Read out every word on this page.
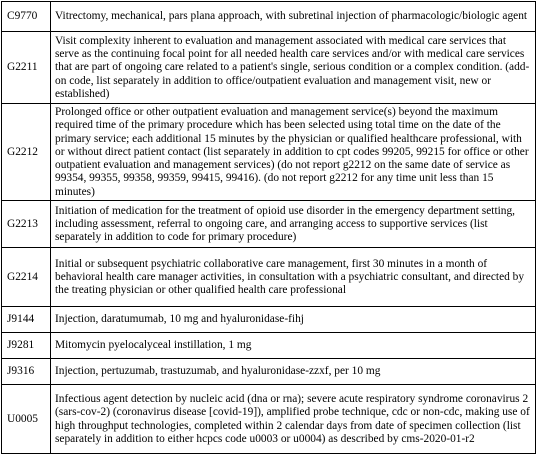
C9770	Vitrectomy, mechanical, pars plana approach, with subretinal injection of pharmacologic/biologic agent
G2211	Visit complexity inherent to evaluation and management associated with medical care services that serve as the continuing focal point for all needed health care services and/or with medical care services that are part of ongoing care related to a patient's single, serious condition or a complex condition. (add-on code, list separately in addition to office/outpatient evaluation and management visit, new or established)
G2212	Prolonged office or other outpatient evaluation and management service(s) beyond the maximum required time of the primary procedure which has been selected using total time on the date of the primary service; each additional 15 minutes by the physician or qualified healthcare professional, with or without direct patient contact (list separately in addition to cpt codes 99205, 99215 for office or other outpatient evaluation and management services) (do not report g2212 on the same date of service as 99354, 99355, 99358, 99359, 99415, 99416). (do not report g2212 for any time unit less than 15 minutes)
G2213	Initiation of medication for the treatment of opioid use disorder in the emergency department setting, including assessment, referral to ongoing care, and arranging access to supportive services (list separately in addition to code for primary procedure)
G2214	Initial or subsequent psychiatric collaborative care management, first 30 minutes in a month of behavioral health care manager activities, in consultation with a psychiatric consultant, and directed by the treating physician or other qualified health care professional
J9144	Injection, daratumumab, 10 mg and hyaluronidase-fihj
J9281	Mitomycin pyelocalyceal instillation, 1 mg
J9316	Injection, pertuzumab, trastuzumab, and hyaluronidase-zzxf, per 10 mg
U0005	Infectious agent detection by nucleic acid (dna or rna); severe acute respiratory syndrome coronavirus 2 (sars-cov-2) (coronavirus disease [covid-19]), amplified probe technique, cdc or non-cdc, making use of high throughput technologies, completed within 2 calendar days from date of specimen collection (list separately in addition to either hcpcs code u0003 or u0004) as described by cms-2020-01-r2
